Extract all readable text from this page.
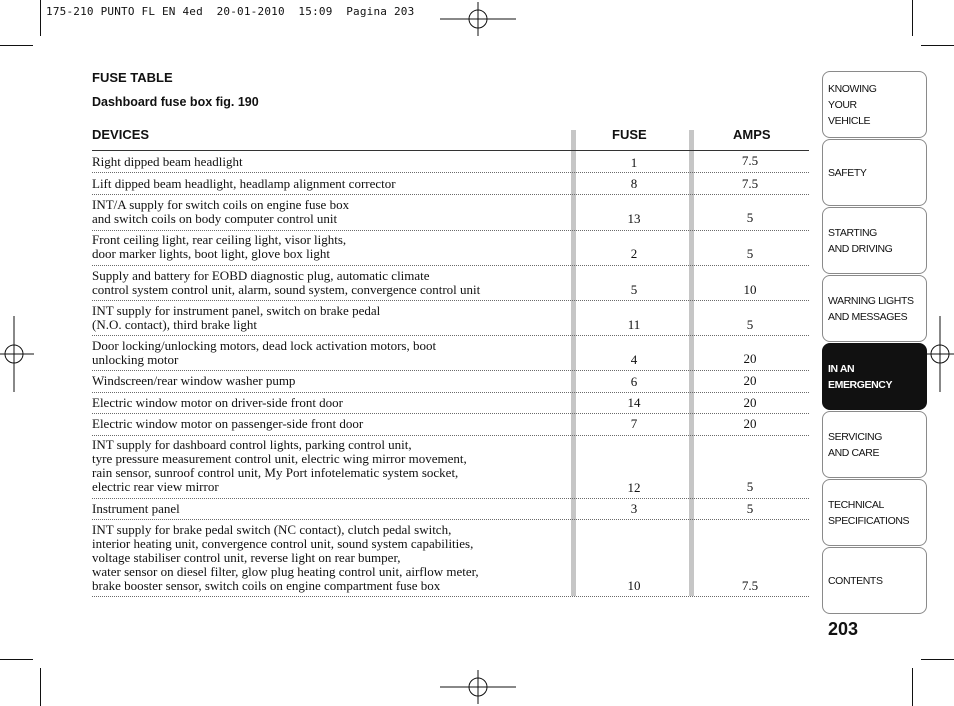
175-210 PUNTO FL EN 4ed  20-01-2010  15:09  Pagina 203
FUSE TABLE
Dashboard fuse box fig. 190
DEVICES	FUSE	AMPS
Right dipped beam headlight	1	7.5
Lift dipped beam headlight, headlamp alignment corrector	8	7.5
INT/A supply for switch coils on engine fuse box
and switch coils on body computer control unit	13	5
Front ceiling light, rear ceiling light, visor lights,
door marker lights, boot light, glove box light	2	5
Supply and battery for EOBD diagnostic plug, automatic climate
control system control unit, alarm, sound system, convergence control unit	5	10
INT supply for instrument panel, switch on brake pedal
(N.O. contact), third brake light	11	5
Door locking/unlocking motors, dead lock activation motors, boot
unlocking motor	4	20
Windscreen/rear window washer pump	6	20
Electric window motor on driver-side front door	14	20
Electric window motor on passenger-side front door	7	20
INT supply for dashboard control lights, parking control unit,
tyre pressure measurement control unit, electric wing mirror movement,
rain sensor, sunroof control unit, My Port infotelematic system socket,
electric rear view mirror	12	5
Instrument panel	3	5
INT supply for brake pedal switch (NC contact), clutch pedal switch,
interior heating unit, convergence control unit, sound system capabilities,
voltage stabiliser control unit, reverse light on rear bumper,
water sensor on diesel filter, glow plug heating control unit, airflow meter,
brake booster sensor, switch coils on engine compartment fuse box	10	7.5
KNOWING
YOUR
VEHICLE
SAFETY
STARTING
AND DRIVING
WARNING LIGHTS
AND MESSAGES
IN AN
EMERGENCY
SERVICING
AND CARE
TECHNICAL
SPECIFICATIONS
CONTENTS
203
